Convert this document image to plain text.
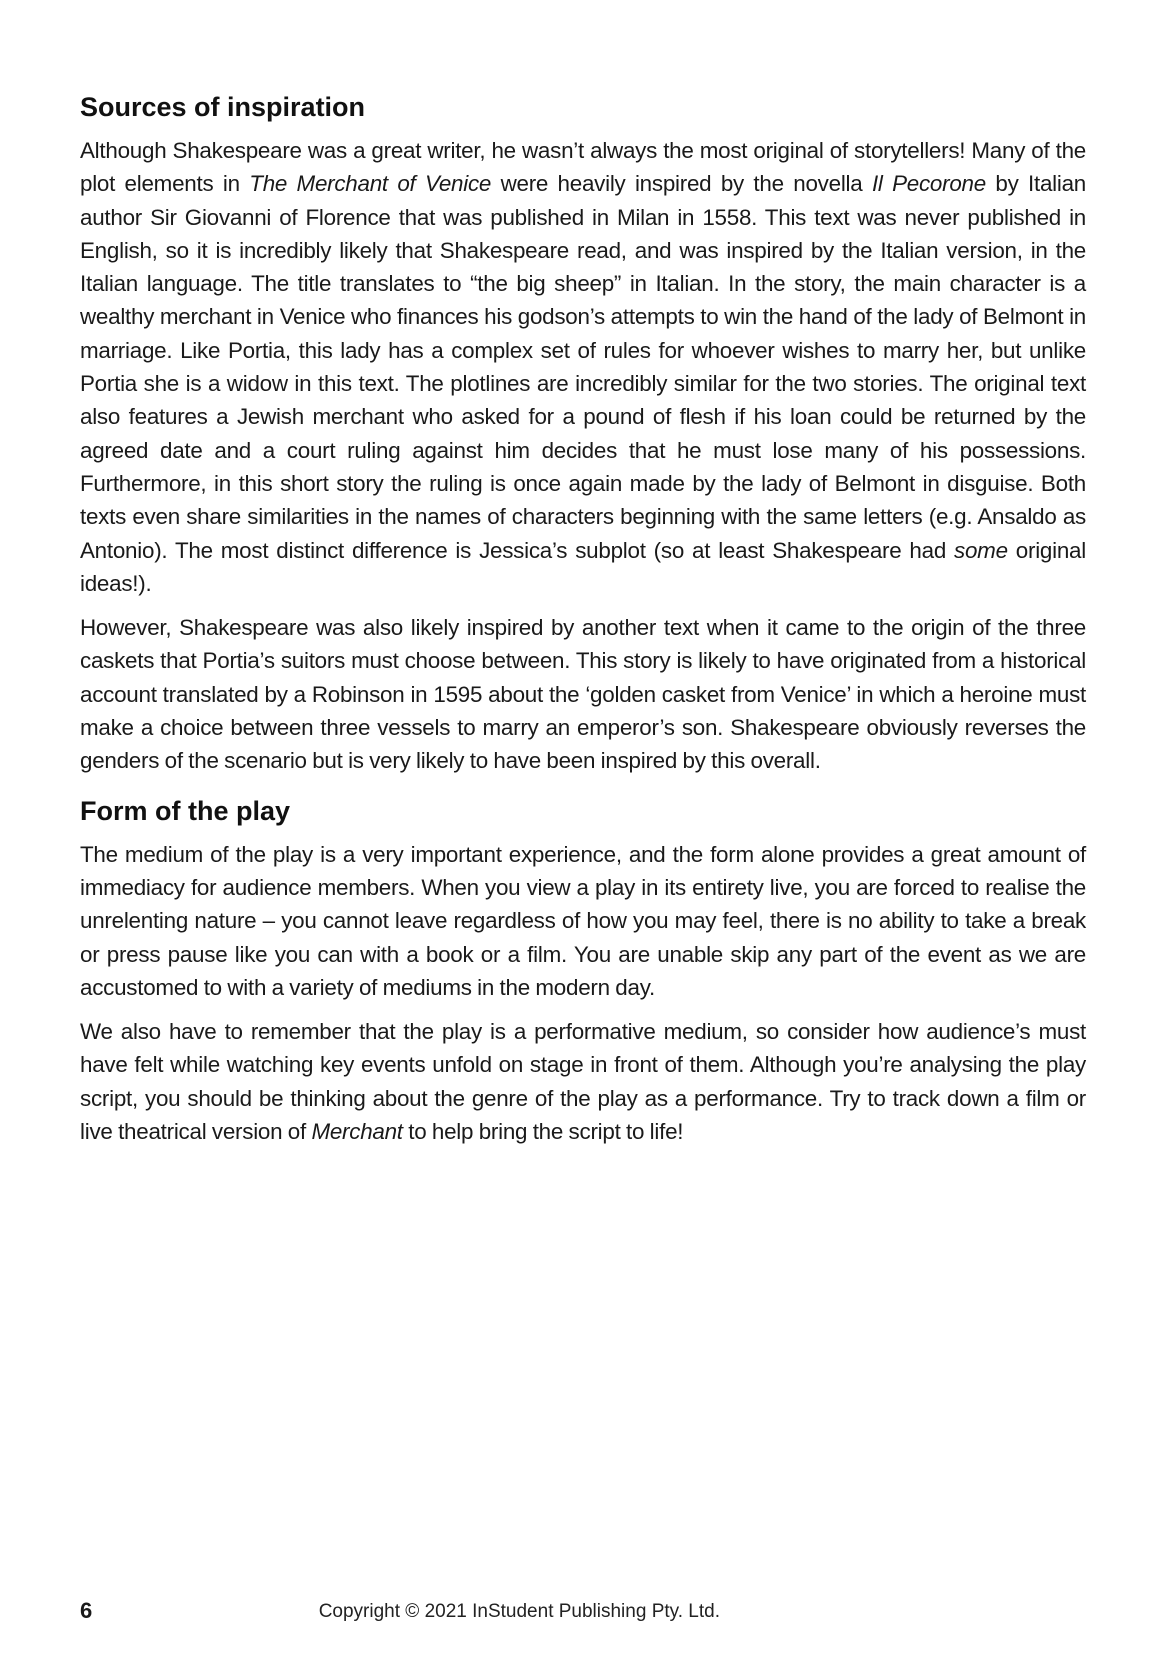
Sources of inspiration

Although Shakespeare was a great writer, he wasn’t always the most original of storytellers! Many of the plot elements in The Merchant of Venice were heavily inspired by the novella Il Pecorone by Italian author Sir Giovanni of Florence that was published in Milan in 1558. This text was never published in English, so it is incredibly likely that Shakespeare read, and was inspired by the Italian version, in the Italian language. The title translates to “the big sheep” in Italian. In the story, the main character is a wealthy merchant in Venice who finances his godson’s attempts to win the hand of the lady of Belmont in marriage. Like Portia, this lady has a complex set of rules for whoever wishes to marry her, but unlike Portia she is a widow in this text. The plotlines are incredibly similar for the two stories. The original text also features a Jewish merchant who asked for a pound of flesh if his loan could be returned by the agreed date and a court ruling against him decides that he must lose many of his possessions. Furthermore, in this short story the ruling is once again made by the lady of Belmont in disguise. Both texts even share similarities in the names of characters beginning with the same letters (e.g. Ansaldo as Antonio). The most distinct difference is Jessica’s subplot (so at least Shakespeare had some original ideas!).

However, Shakespeare was also likely inspired by another text when it came to the origin of the three caskets that Portia’s suitors must choose between. This story is likely to have originated from a historical account translated by a Robinson in 1595 about the ‘golden casket from Venice’ in which a heroine must make a choice between three vessels to marry an emperor’s son. Shakespeare obviously reverses the genders of the scenario but is very likely to have been inspired by this overall.

Form of the play

The medium of the play is a very important experience, and the form alone provides a great amount of immediacy for audience members. When you view a play in its entirety live, you are forced to realise the unrelenting nature – you cannot leave regardless of how you may feel, there is no ability to take a break or press pause like you can with a book or a film. You are unable skip any part of the event as we are accustomed to with a variety of mediums in the modern day.

We also have to remember that the play is a performative medium, so consider how audience’s must have felt while watching key events unfold on stage in front of them. Although you’re analysing the play script, you should be thinking about the genre of the play as a performance. Try to track down a film or live theatrical version of Merchant to help bring the script to life!

6	Copyright © 2021 InStudent Publishing Pty. Ltd.
